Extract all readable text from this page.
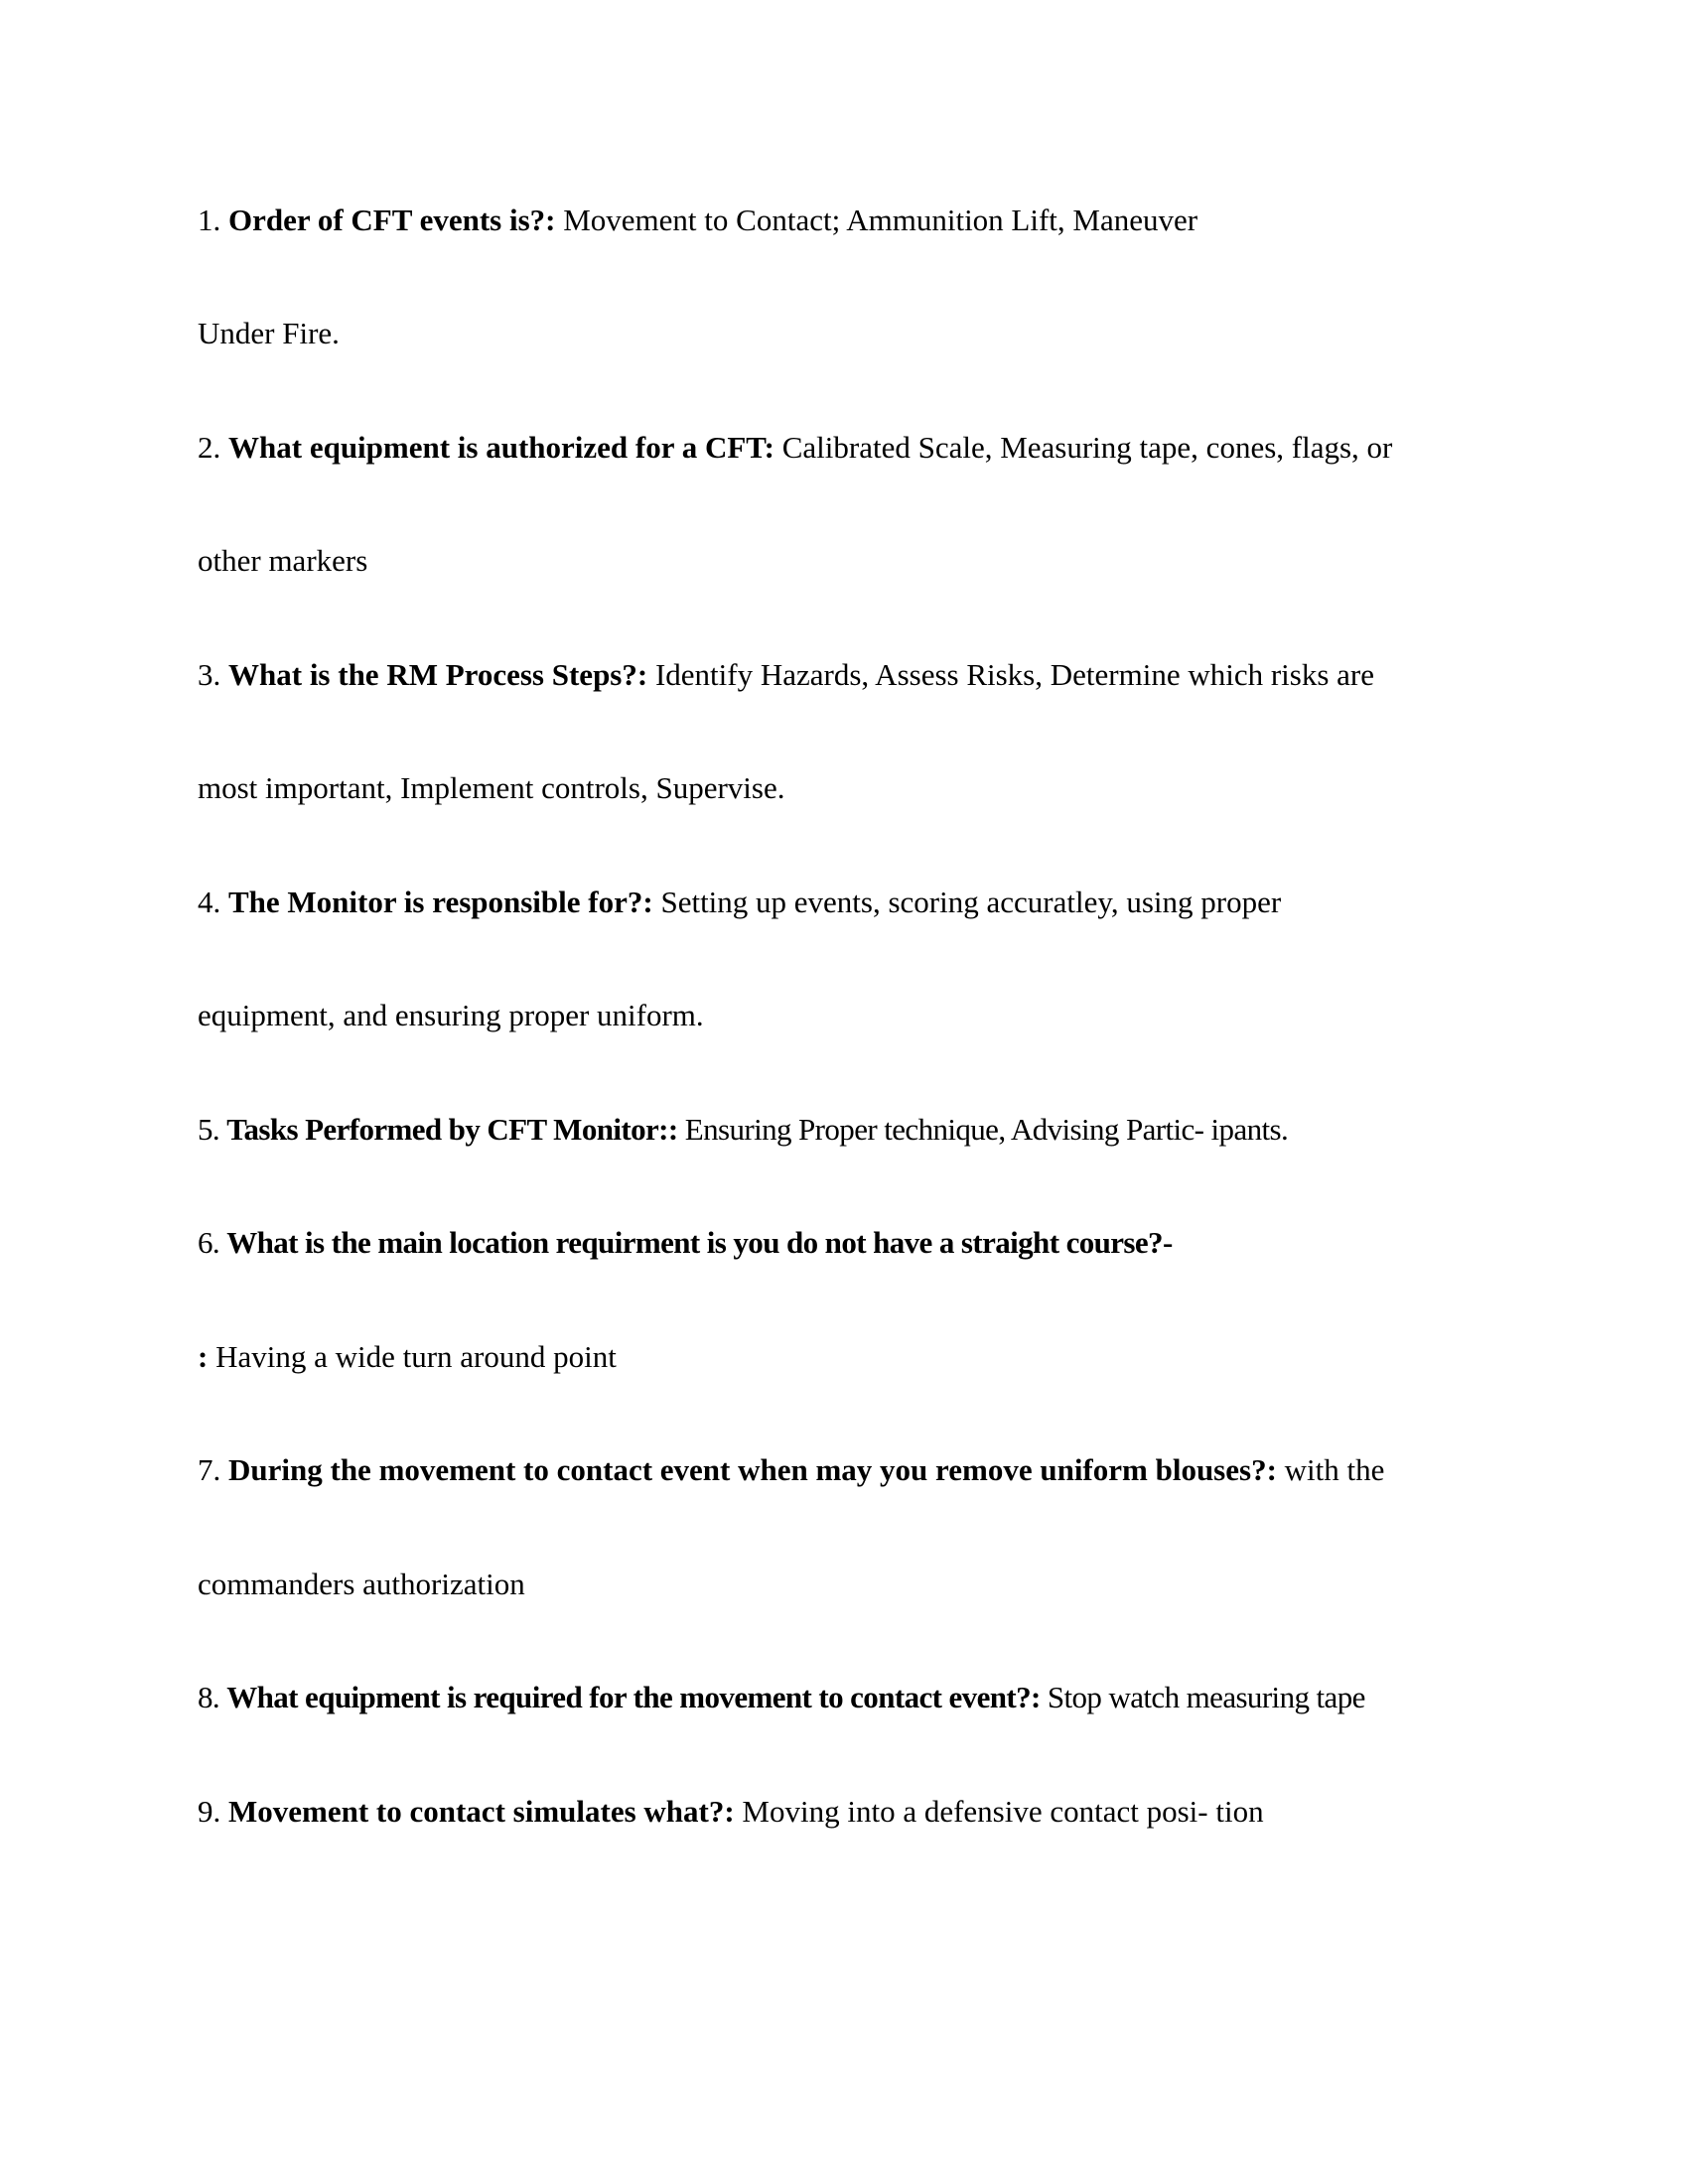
1. Order of CFT events is?: Movement to Contact; Ammunition Lift, Maneuver
Under Fire.
2. What equipment is authorized for a CFT: Calibrated Scale, Measuring tape, cones, flags, or
other markers
3. What is the RM Process Steps?: Identify Hazards, Assess Risks, Determine which risks are
most important, Implement controls, Supervise.
4. The Monitor is responsible for?: Setting up events, scoring accuratley, using proper
equipment, and ensuring proper uniform.
5. Tasks Performed by CFT Monitor:: Ensuring Proper technique, Advising Partic- ipants.
6. What is the main location requirment is you do not have a straight course?-
: Having a wide turn around point
7. During the movement to contact event when may you remove uniform blouses?: with the
commanders authorization
8. What equipment is required for the movement to contact event?: Stop watch measuring tape
9. Movement to contact simulates what?: Moving into a defensive contact posi- tion
